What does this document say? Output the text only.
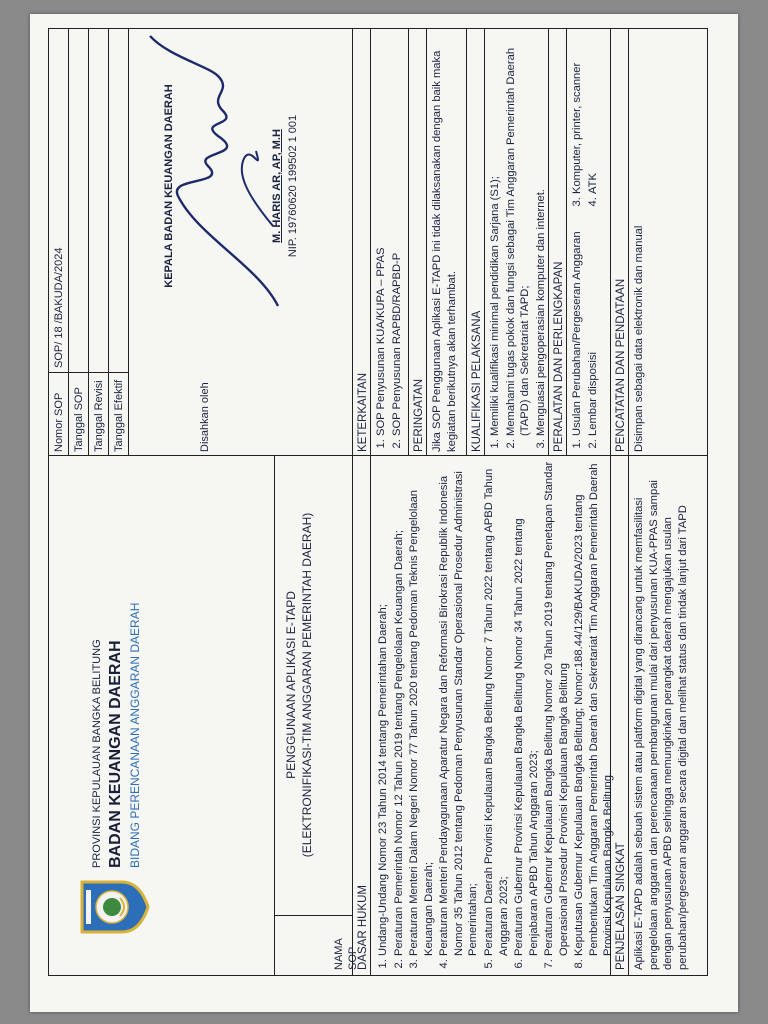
PROVINSI KEPULAUAN BANGKA BELITUNG BADAN KEUANGAN DAERAH BIDANG PERENCANAAN ANGGARAN DAERAH
NAMA SOP
PENGGUNAAN APLIKASI E-TAPD (ELEKTRONIFIKASI-TIM ANGGARAN PEMERINTAH DAERAH)
Nomor SOP
SOP/ 18 /BAKUDA/2024
Tanggal SOP Tanggal Revisi Tanggal Efektif	Disahkan oleh
KEPALA BADAN KEUANGAN DAERAH	M. HARIS AR, AP, M.H NIP. 19760620 199502 1 001
DASAR HUKUM 1. Undang-Undang Nomor 23 Tahun 2014 tentang Pemerintahan Daerah; 2. Peraturan Pemerintah Nomor 12 Tahun 2019 tentang Pengelolaan Keuangan Daerah; 3. Peraturan Menteri Dalam Negeri Nomor 77 Tahun 2020 tentang Pedoman Teknis Pengelolaan Keuangan Daerah; 4. Peraturan Menteri Pendayagunaan Aparatur Negara dan Reformasi Birokrasi Republik Indonesia Nomor 35 Tahun 2012 tentang Pedoman Penyusunan Standar Operasional Prosedur Administrasi Pemerintahan; 5. Peraturan Daerah Provinsi Kepulauan Bangka Belitung Nomor 7 Tahun 2022 tentang APBD Tahun Anggaran 2023; 6. Peraturan Gubernur Provinsi Kepulauan Bangka Belitung Nomor 34 Tahun 2022 tentang Penjabaran APBD Tahun Anggaran 2023; 7. Peraturan Gubernur Kepulauan Bangka Belitung Nomor 20 Tahun 2019 tentang Penetapan Standar Operasional Prosedur Provinsi Kepulauan Bangka Belitung 8. Keputusan Gubernur Kepulauan Bangka Belitung; Nomor:188.44/129/BAKUDA/2023 tentang Pembentukan Tim Anggaran Pemerintah Daerah dan Sekretariat Tim Anggaran Pemerintah Daerah Provinsi Kepulauan Bangka Belitung.
KETERKAITAN 1. SOP Penyusunan KUA/KUPA – PPAS 2. SOP Penyusunan RAPBD/RAPBD-P PERINGATAN Jika SOP Penggunaan Aplikasi E-TAPD ini tidak dilaksanakan dengan baik maka kegiatan berikutnya akan terhambat. KUALIFIKASI PELAKSANA 1. Memiliki kualifikasi minimal pendidikan Sarjana (S1); 2. Memahami tugas pokok dan fungsi sebagai Tim Anggaran Pemerintah Daerah (TAPD) dan Sekretariat TAPD; 3. Menguasai pengoperasian komputer dan internet. PERALATAN DAN PERLENGKAPAN 1. Usulan Perubahan/Pergeseran Anggaran 2. Lembar disposisi
3. Komputer, printer, scanner 4. ATK
PENJELASAN SINGKAT Aplikasi E-TAPD adalah sebuah sistem atau platform digital yang dirancang untuk memfasilitasi pengelolaan anggaran dan perencanaan pembangunan mulai dari penyusunan KUA-PPAS sampai dengan penyusunan APBD sehingga memungkinkan perangkat daerah mengajukan usulan perubahan/pergeseran anggaran secara digital dan melihat status dan tindak lanjut dari TAPD
PENCATATAN DAN PENDATAAN Disimpan sebagai data elektronik dan manual
